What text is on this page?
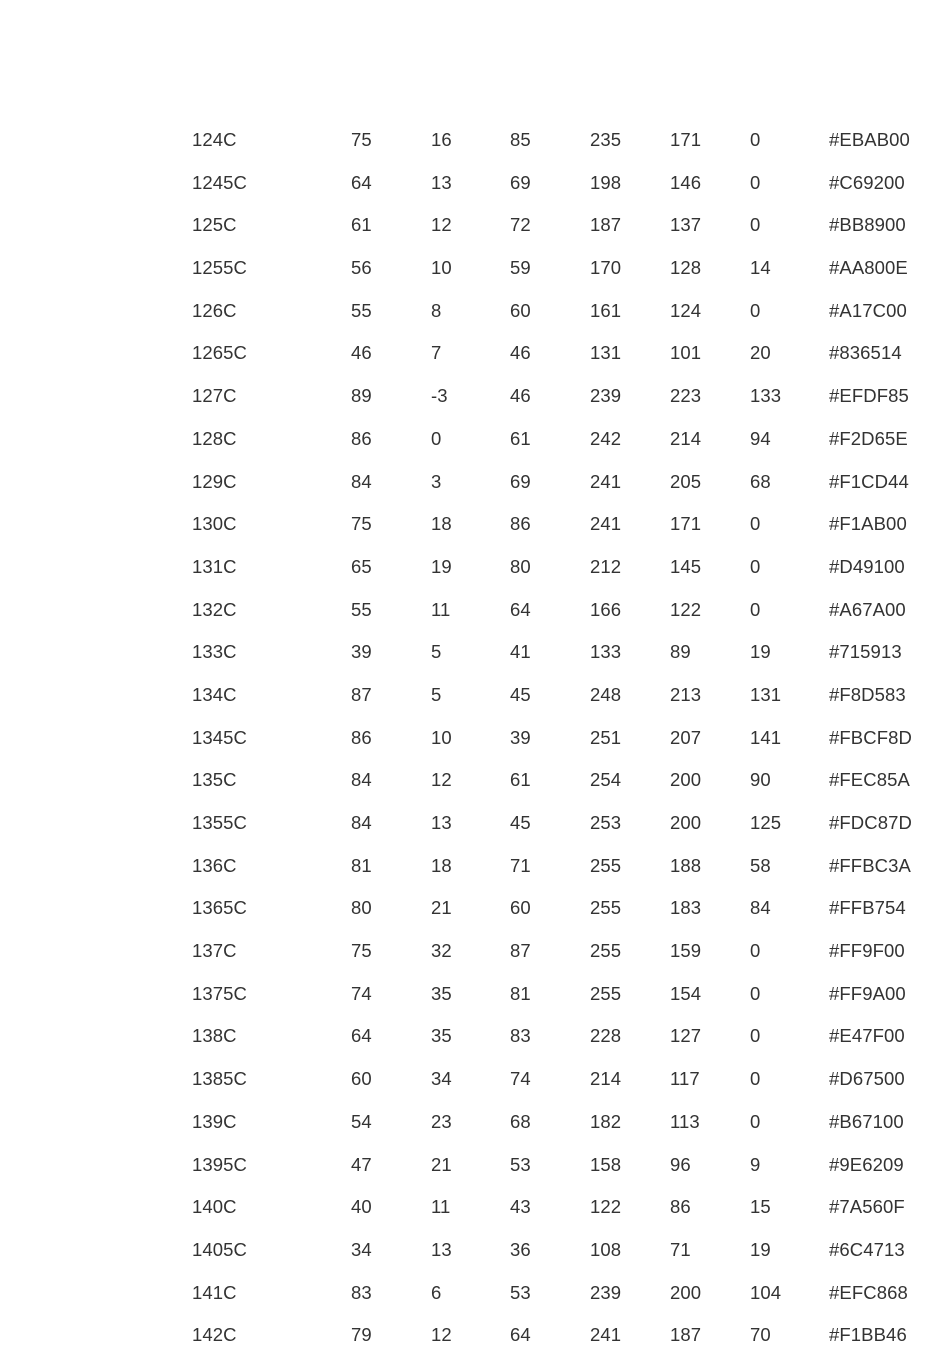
124C	75	16	85	235	171	0	#EBAB00
1245C	64	13	69	198	146	0	#C69200
125C	61	12	72	187	137	0	#BB8900
1255C	56	10	59	170	128	14	#AA800E
126C	55	8	60	161	124	0	#A17C00
1265C	46	7	46	131	101	20	#836514
127C	89	-3	46	239	223	133	#EFDF85
128C	86	0	61	242	214	94	#F2D65E
129C	84	3	69	241	205	68	#F1CD44
130C	75	18	86	241	171	0	#F1AB00
131C	65	19	80	212	145	0	#D49100
132C	55	11	64	166	122	0	#A67A00
133C	39	5	41	133	89	19	#715913
134C	87	5	45	248	213	131	#F8D583
1345C	86	10	39	251	207	141	#FBCF8D
135C	84	12	61	254	200	90	#FEC85A
1355C	84	13	45	253	200	125	#FDC87D
136C	81	18	71	255	188	58	#FFBC3A
1365C	80	21	60	255	183	84	#FFB754
137C	75	32	87	255	159	0	#FF9F00
1375C	74	35	81	255	154	0	#FF9A00
138C	64	35	83	228	127	0	#E47F00
1385C	60	34	74	214	117	0	#D67500
139C	54	23	68	182	113	0	#B67100
1395C	47	21	53	158	96	9	#9E6209
140C	40	11	43	122	86	15	#7A560F
1405C	34	13	36	108	71	19	#6C4713
141C	83	6	53	239	200	104	#EFC868
142C	79	12	64	241	187	70	#F1BB46
